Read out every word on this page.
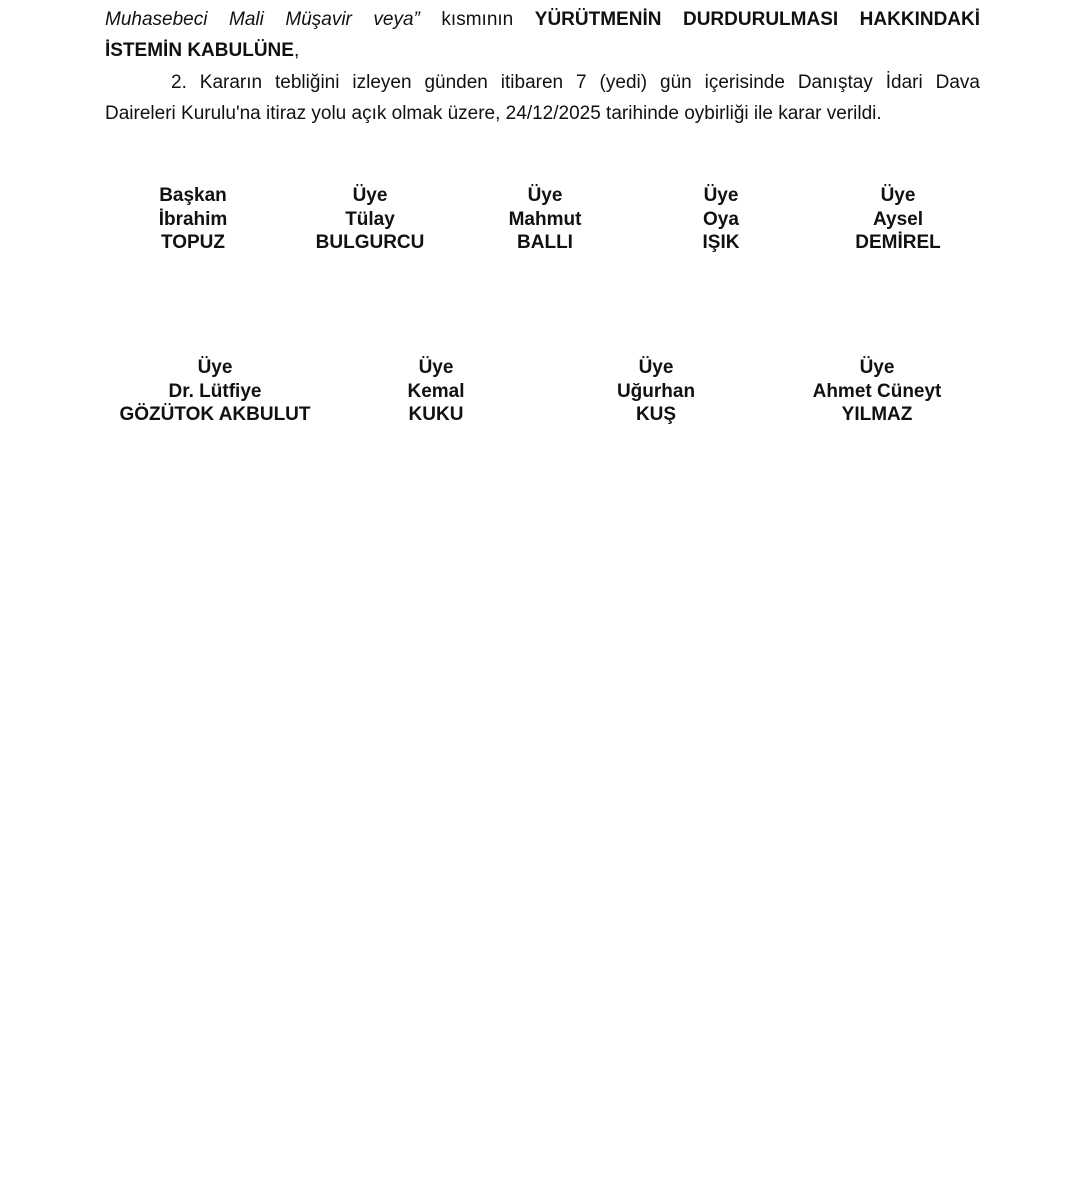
Muhasebeci Mali Müşavir veya” kısmının YÜRÜTMENİN DURDURULMASI HAKKINDAKİ
İSTEMİN KABULÜNE,
2. Kararın tebliğini izleyen günden itibaren 7 (yedi) gün içerisinde Danıştay İdari Dava
Daireleri Kurulu'na itiraz yolu açık olmak üzere, 24/12/2025 tarihinde oybirliği ile karar verildi.
Başkan
İbrahim
TOPUZ
Üye
Tülay
BULGURCU
Üye
Mahmut
BALLI
Üye
Oya
IŞIK
Üye
Aysel
DEMİREL
Üye
Dr. Lütfiye
GÖZÜTOK AKBULUT
Üye
Kemal
KUKU
Üye
Uğurhan
KUŞ
Üye
Ahmet Cüneyt
YILMAZ
